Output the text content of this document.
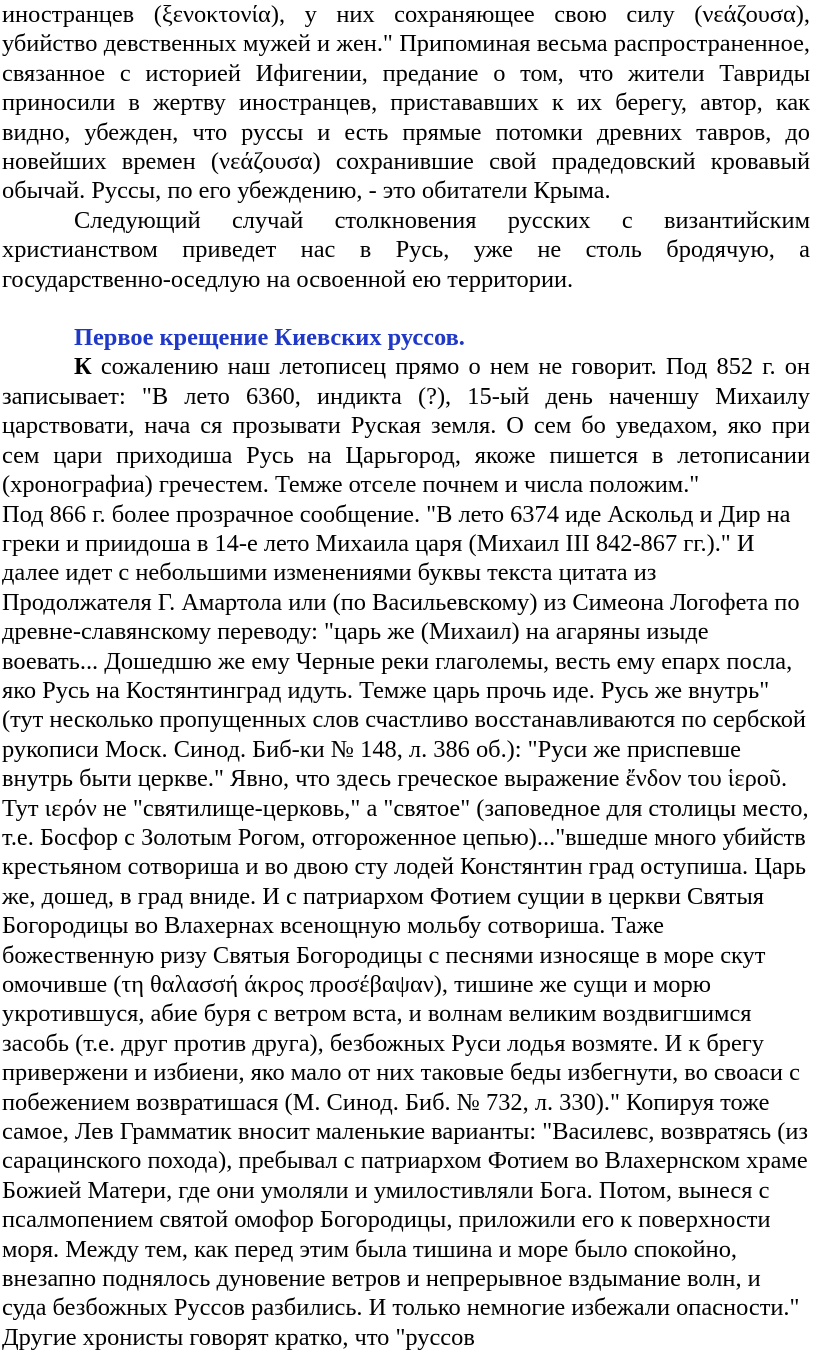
иностранцев (ξενοκτονία), у них сохраняющее свою силу (νεάζουσα), убийство девственных мужей и жен." Припоминая весьма распространенное, связанное с историей Ифигении, предание о том, что жители Тавриды приносили в жертву иностранцев, пристававших к их берегу, автор, как видно, убежден, что руссы и есть прямые потомки древних тавров, до новейших времен (νεάζουσα) сохранившие свой прадедовский кровавый обычай. Руссы, по его убеждению, - это обитатели Крыма.

Следующий случай столкновения русских с византийским христианством приведет нас в Русь, уже не столь бродячую, а государственно-оседлую на освоенной ею территории.

Первое крещение Киевских руссов.

К сожалению наш летописец прямо о нем не говорит. Под 852 г. он записывает: "В лето 6360, индикта (?), 15-ый день наченшу Михаилу царствовати, нача ся прозывати Руская земля. О сем бо уведахом, яко при сем цари приходиша Русь на Царьгород, якоже пишется в летописании (хронографиа) гречестем. Темже отселе почнем и числа положим."

Под 866 г. более прозрачное сообщение. "В лето 6374 иде Аскольд и Дир на греки и приидоша в 14-е лето Михаила царя (Михаил III 842-867 гг.)." И далее идет с небольшими изменениями буквы текста цитата из Продолжателя Г. Амартола или (по Васильевскому) из Симеона Логофета по древне-славянскому переводу: "царь же (Михаил) на агаряны изыде воевать... Дошедшю же ему Черные реки глаголемы, весть ему епарх посла, яко Русь на Костянтинград идуть. Темже царь прочь иде. Русь же внутрь" (тут несколько пропущенных слов счастливо восстанавливаются по сербской рукописи Моск. Синод. Биб-ки № 148, л. 386 об.): "Руси же приспевше внутрь быти церкве." Явно, что здесь греческое выражение ἔνδον του ἱεροῦ. Тут ιερόν не "святилище-церковь," а "святое" (заповедное для столицы место, т.е. Босфор с Золотым Рогом, отгороженное цепью)..."вшедше много убийств крестьяном сотвориша и во двою сту лодей Констянтин град оступиша. Царь же, дошед, в град вниде. И с патриархом Фотием сущии в церкви Святыя Богородицы во Влахернах всенощную мольбу сотвориша. Таже божественную ризу Святыя Богородицы с песнями износяще в море скут омочивше (τη θαλασσή άκρος προσέβαψαν), тишине же сущи и морю укротившуся, абие буря с ветром вста, и волнам великим воздвигшимся засобь (т.е. друг против друга), безбожных Руси лодья возмяте. И к брегу привержени и избиени, яко мало от них таковые беды избегнути, во своаси с побежением возвратишася (М. Синод. Биб. № 732, л. 330)." Копируя тоже самое, Лев Грамматик вносит маленькие варианты: "Василевс, возвратясь (из сарацинского похода), пребывал с патриархом Фотием во Влахернском храме Божией Матери, где они умоляли и умилостивляли Бога. Потом, вынеся с псалмопением святой омофор Богородицы, приложили его к поверхности моря. Между тем, как перед этим была тишина и море было спокойно, внезапно поднялось дуновение ветров и непрерывное вздымание волн, и суда безбожных Руссов разбились. И только немногие избежали опасности." Другие хронисты говорят кратко, что "руссов
